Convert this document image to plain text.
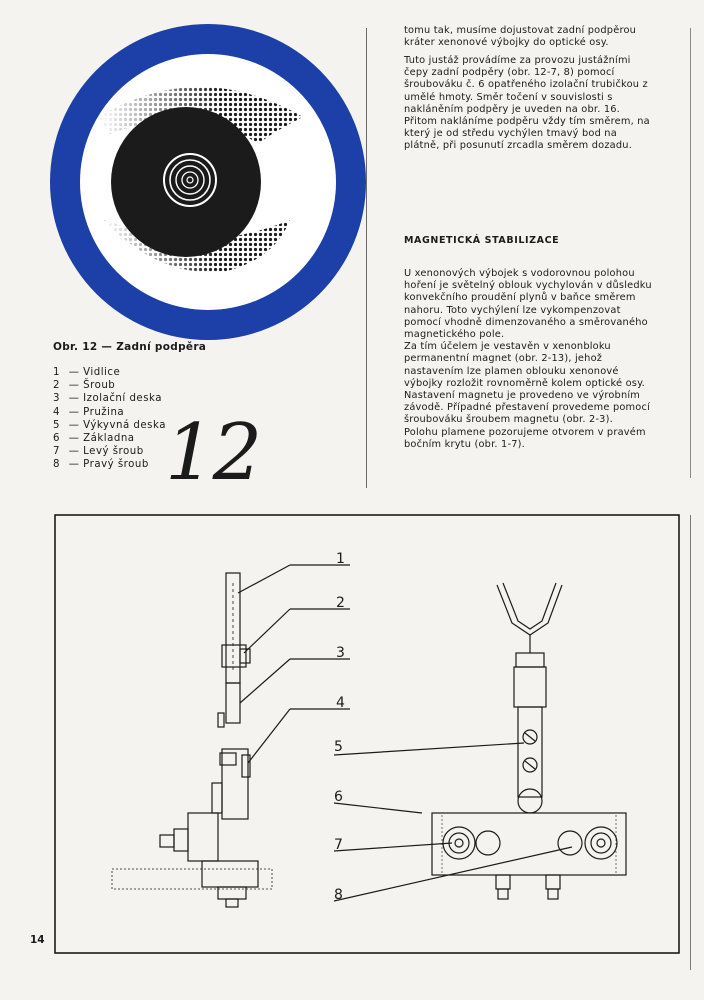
Obr. 12 — Zadní podpěra
1 — Vidlice
2 — Šroub
3 — Izolační deska
4 — Pružina
5 — Výkyvná deska
6 — Základna
7 — Levý šroub
8 — Pravý šroub 12

tomu tak, musíme dojustovat zadní podpěrou kráter xenonové výbojky do optické osy.

Tuto justáž provádíme za provozu justážními čepy zadní podpěry (obr. 12-7, 8) pomocí šroubováku č. 6 opatřeného izolační trubičkou z umělé hmoty. Směr točení v souvislosti s nakláněním podpěry je uveden na obr. 16. Přitom nakláníme podpěru vždy tím směrem, na který je od středu vychýlen tmavý bod na plátně, při posunutí zrcadla směrem dozadu.

MAGNETICKÁ STABILIZACE

U xenonových výbojek s vodorovnou polohou hoření je světelný oblouk vychylován v důsledku konvekčního proudění plynů v baňce směrem nahoru. Toto vychýlení lze vykompenzovat pomocí vhodně dimenzovaného a směrovaného magnetického pole.

Za tím účelem je vestavěn v xenonbloku permanentní magnet (obr. 2-13), jehož nastavením lze plamen oblouku xenonové výbojky rozložit rovnoměrně kolem optické osy. Nastavení magnetu je provedeno ve výrobním závodě. Případné přestavení provedeme pomocí šroubováku šroubem magnetu (obr. 2-3).

Polohu plamene pozorujeme otvorem v pravém bočním krytu (obr. 1-7).

1
2
3
4
5
6
7
8
14
